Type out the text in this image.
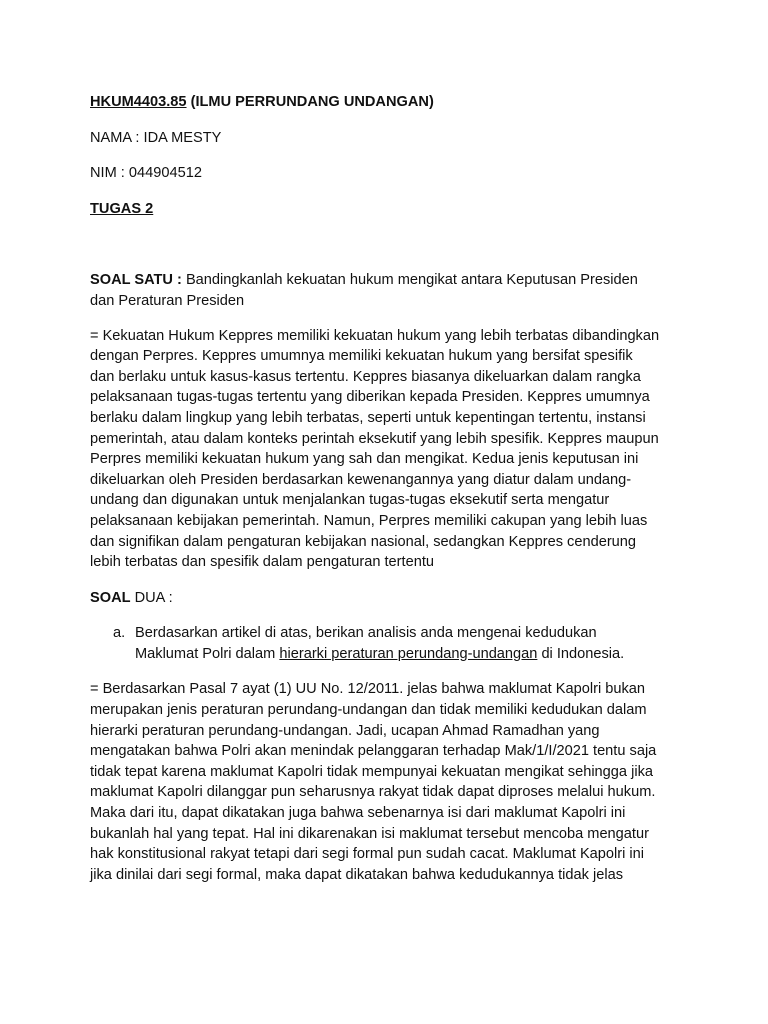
HKUM4403.85 (ILMU PERRUNDANG UNDANGAN)

NAMA : IDA MESTY

NIM : 044904512

TUGAS 2

SOAL SATU : Bandingkanlah kekuatan hukum mengikat antara Keputusan Presiden
dan Peraturan Presiden
= Kekuatan Hukum Keppres memiliki kekuatan hukum yang lebih terbatas dibandingkan
dengan Perpres. Keppres umumnya memiliki kekuatan hukum yang bersifat spesifik
dan berlaku untuk kasus-kasus tertentu. Keppres biasanya dikeluarkan dalam rangka
pelaksanaan tugas-tugas tertentu yang diberikan kepada Presiden. Keppres umumnya
berlaku dalam lingkup yang lebih terbatas, seperti untuk kepentingan tertentu, instansi
pemerintah, atau dalam konteks perintah eksekutif yang lebih spesifik. Keppres maupun
Perpres memiliki kekuatan hukum yang sah dan mengikat. Kedua jenis keputusan ini
dikeluarkan oleh Presiden berdasarkan kewenangannya yang diatur dalam undang-
undang dan digunakan untuk menjalankan tugas-tugas eksekutif serta mengatur
pelaksanaan kebijakan pemerintah. Namun, Perpres memiliki cakupan yang lebih luas
dan signifikan dalam pengaturan kebijakan nasional, sedangkan Keppres cenderung
lebih terbatas dan spesifik dalam pengaturan tertentu

SOAL DUA :

a. Berdasarkan artikel di atas, berikan analisis anda mengenai kedudukan
Maklumat Polri dalam hierarki peraturan perundang-undangan di Indonesia.
= Berdasarkan Pasal 7 ayat (1) UU No. 12/2011. jelas bahwa maklumat Kapolri bukan
merupakan jenis peraturan perundang-undangan dan tidak memiliki kedudukan dalam
hierarki peraturan perundang-undangan. Jadi, ucapan Ahmad Ramadhan yang
mengatakan bahwa Polri akan menindak pelanggaran terhadap Mak/1/I/2021 tentu saja
tidak tepat karena maklumat Kapolri tidak mempunyai kekuatan mengikat sehingga jika
maklumat Kapolri dilanggar pun seharusnya rakyat tidak dapat diproses melalui hukum.
Maka dari itu, dapat dikatakan juga bahwa sebenarnya isi dari maklumat Kapolri ini
bukanlah hal yang tepat. Hal ini dikarenakan isi maklumat tersebut mencoba mengatur
hak konstitusional rakyat tetapi dari segi formal pun sudah cacat. Maklumat Kapolri ini
jika dinilai dari segi formal, maka dapat dikatakan bahwa kedudukannya tidak jelas
